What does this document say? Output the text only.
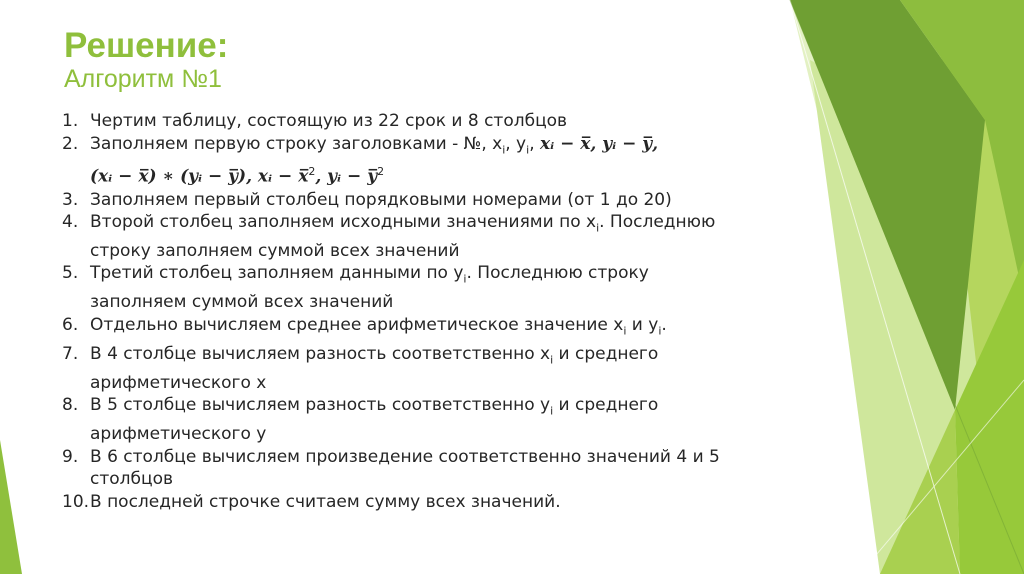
Решение:
Алгоритм №1
1. Чертим таблицу, состоящую из 22 срок и 8 столбцов
2. Заполняем первую строку заголовками - №, $x_i$, $y_i$, 𝒙ᵢ − 𝒙̅, 𝒚ᵢ − 𝒚̅,
(𝒙ᵢ − 𝒙̅) ∗ (𝒚ᵢ − 𝒚̅), 𝒙ᵢ − 𝒙̅$^2$, 𝒚ᵢ − 𝒚̅$^2$
3. Заполняем первый столбец порядковыми номерами (от 1 до 20)
4. Второй столбец заполняем исходными значениями по $x_i$. Последнюю строку заполняем суммой всех значений
5. Третий столбец заполняем данными по $y_i$. Последнюю строку заполняем суммой всех значений
6. Отдельно вычисляем среднее арифметическое значение $x_i$ и $y_i$.
7. В 4 столбце вычисляем разность соответственно $x_i$ и среднего арифметического x
8. В 5 столбце вычисляем разность соответственно $y_i$ и среднего арифметического y
9. В 6 столбце вычисляем произведение соответственно значений 4 и 5 столбцов
10. В последней строчке считаем сумму всех значений.
